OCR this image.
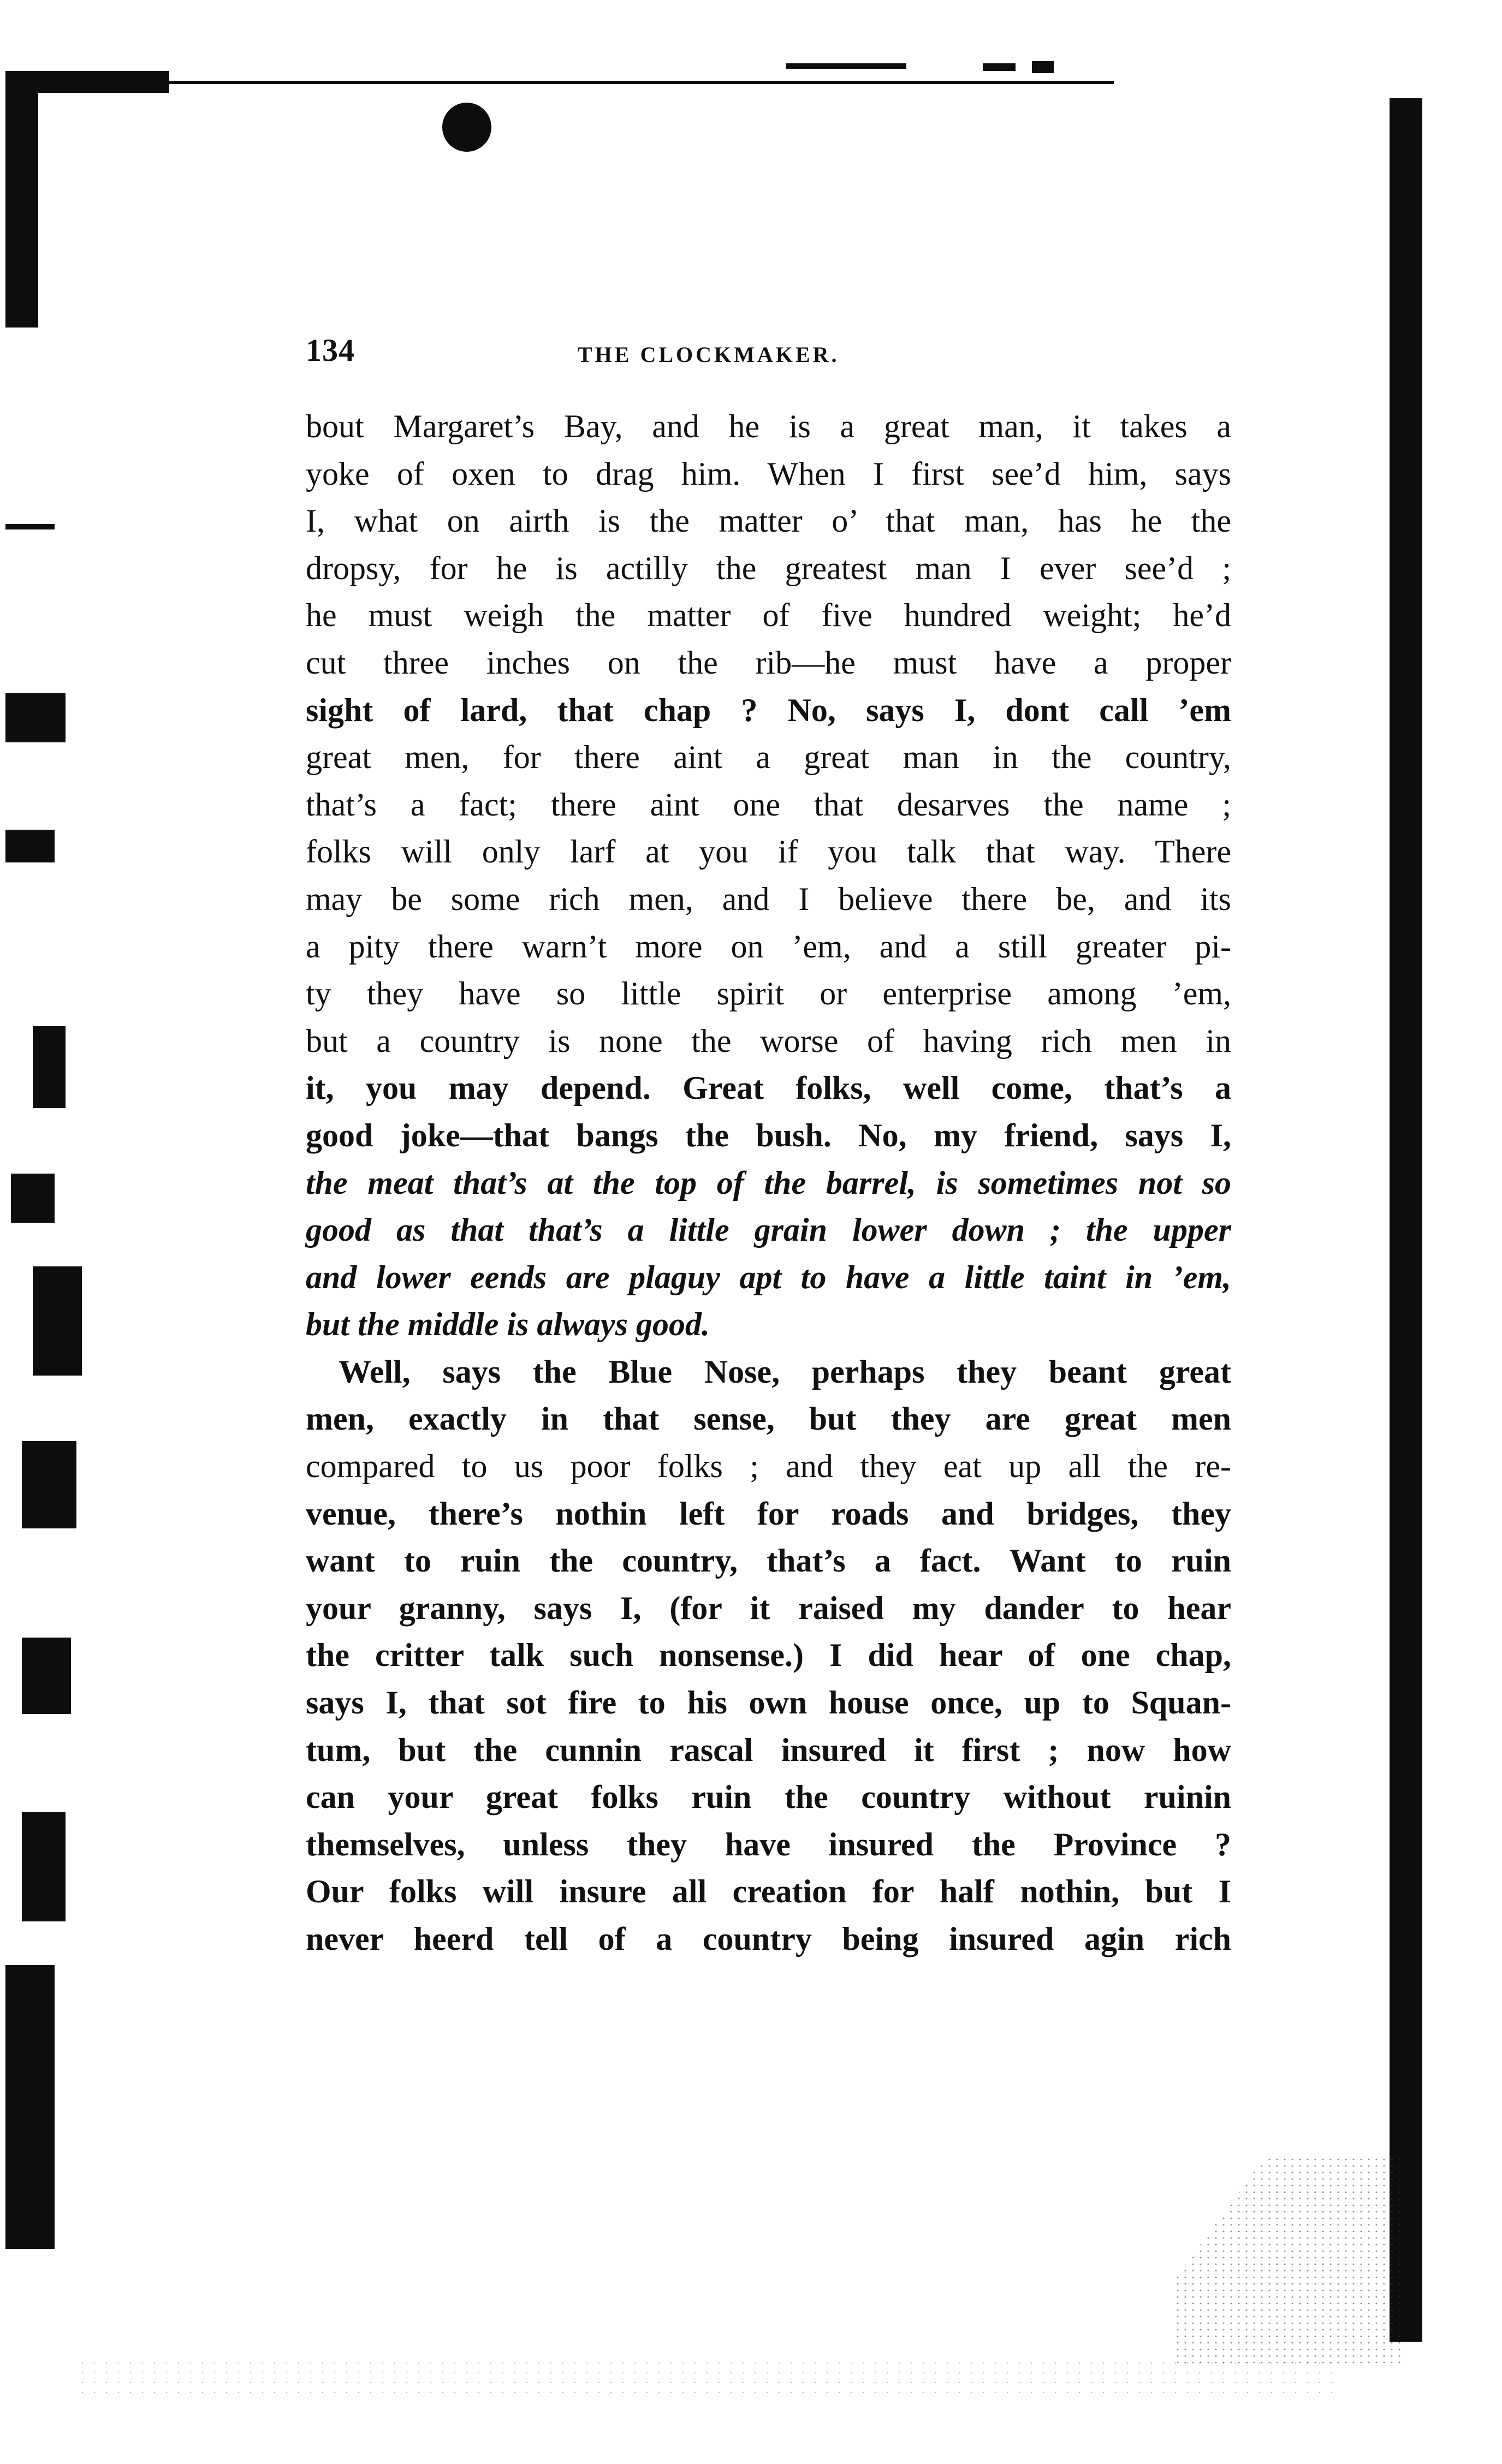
134	THE CLOCKMAKER.
bout Margaret’s Bay, and he is a great man, it takes a
yoke of oxen to drag him. When I first see’d him, says
I, what on airth is the matter o’ that man, has he the
dropsy, for he is actilly the greatest man I ever see’d ;
he must weigh the matter of five hundred weight; he’d
cut three inches on the rib—he must have a proper
sight of lard, that chap ? No, says I, dont call ’em
great men, for there aint a great man in the country,
that’s a fact; there aint one that desarves the name ;
folks will only larf at you if you talk that way. There
may be some rich men, and I believe there be, and its
a pity there warn’t more on ’em, and a still greater pi-
ty they have so little spirit or enterprise among ’em,
but a country is none the worse of having rich men in
it, you may depend. Great folks, well come, that’s a
good joke—that bangs the bush. No, my friend, says I,
the meat that’s at the top of the barrel, is sometimes not so
good as that that’s a little grain lower down ; the upper
and lower eends are plaguy apt to have a little taint in ’em,
but the middle is always good.
Well, says the Blue Nose, perhaps they beant great
men, exactly in that sense, but they are great men
compared to us poor folks ; and they eat up all the re-
venue, there’s nothin left for roads and bridges, they
want to ruin the country, that’s a fact. Want to ruin
your granny, says I, (for it raised my dander to hear
the critter talk such nonsense.) I did hear of one chap,
says I, that sot fire to his own house once, up to Squan-
tum, but the cunnin rascal insured it first ; now how
can your great folks ruin the country without ruinin
themselves, unless they have insured the Province ?
Our folks will insure all creation for half nothin, but I
never heerd tell of a country being insured agin rich
